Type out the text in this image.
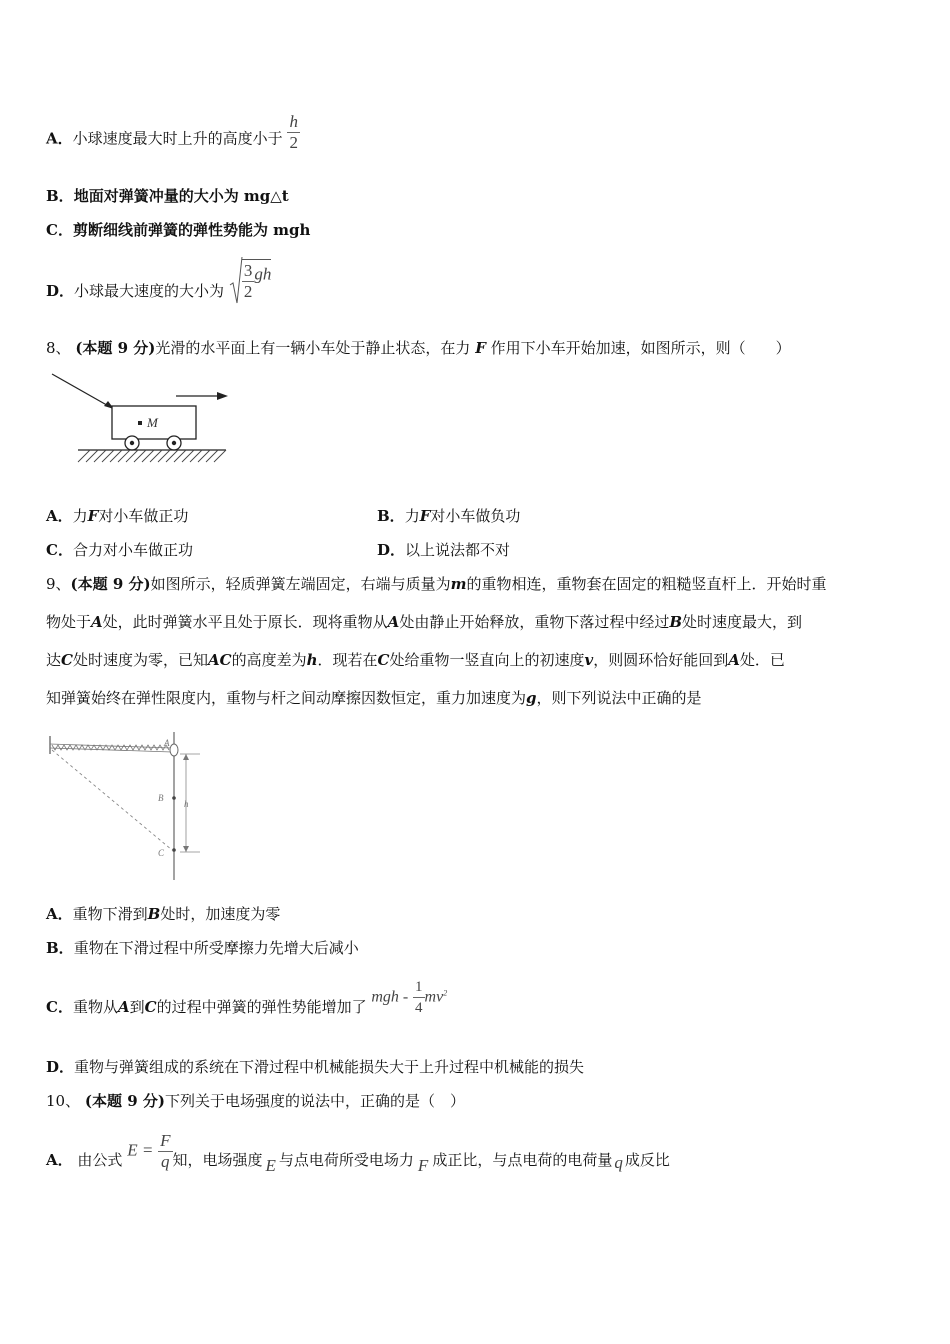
A．小球速度最大时上升的高度小于 $\frac{h}{2}$
B．地面对弹簧冲量的大小为 mg△t
C．剪断细线前弹簧的弹性势能为 mgh
D．小球最大速度的大小为 $\frac{3}{2}$ gh
8、 (本题 9 分)光滑的水平面上有一辆小车处于静止状态，在力 F 作用下小车开始加速，如图所示，则（　　）
M
A．力F对小车做正功	B．力F对小车做负功
C．合力对小车做正功	D．以上说法都不对
9、(本题 9 分)如图所示，轻质弹簧左端固定，右端与质量为m的重物相连，重物套在固定的粗糙竖直杆上．开始时重
物处于A处，此时弹簧水平且处于原长．现将重物从A处由静止开始释放，重物下落过程中经过B处时速度最大，到
达C处时速度为零，已知AC的高度差为h．现若在C处给重物一竖直向上的初速度v，则圆环恰好能回到A处．已
知弹簧始终在弹性限度内，重物与杆之间动摩擦因数恒定，重力加速度为g，则下列说法中正确的是
A
B
C
h
A．重物下滑到B处时，加速度为零
B．重物在下滑过程中所受摩擦力先增大后减小
C．重物从A到C的过程中弹簧的弹性势能增加了 mgh - $\frac{1}{4} mv^2$
D．重物与弹簧组成的系统在下滑过程中机械能损失大于上升过程中机械能的损失
10、 (本题 9 分)下列关于电场强度的说法中，正确的是（　）
A． 由公式 $E = \frac{F}{q}$ 知，电场强度 E 与点电荷所受电场力 F 成正比，与点电荷的电荷量 q 成反比
